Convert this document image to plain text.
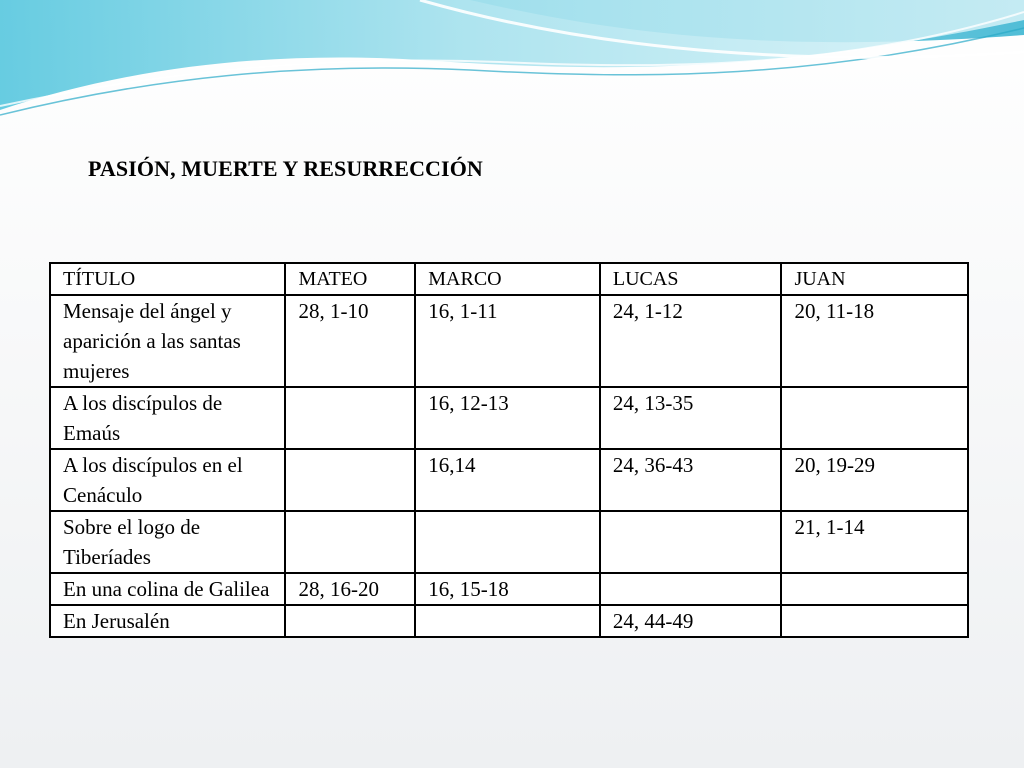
PASIÓN, MUERTE Y RESURRECCIÓN
TÍTULO	MATEO	MARCO	LUCAS	JUAN
Mensaje del ángel y aparición a las santas mujeres	28, 1-10	16, 1-11	24, 1-12	20, 11-18
A los discípulos de Emaús		16, 12-13	24, 13-35	
A los discípulos en el Cenáculo		16,14	24, 36-43	20, 19-29
Sobre el logo de Tiberíades				21, 1-14
En una colina de Galilea	28, 16-20	16, 15-18		
En Jerusalén			24, 44-49	
